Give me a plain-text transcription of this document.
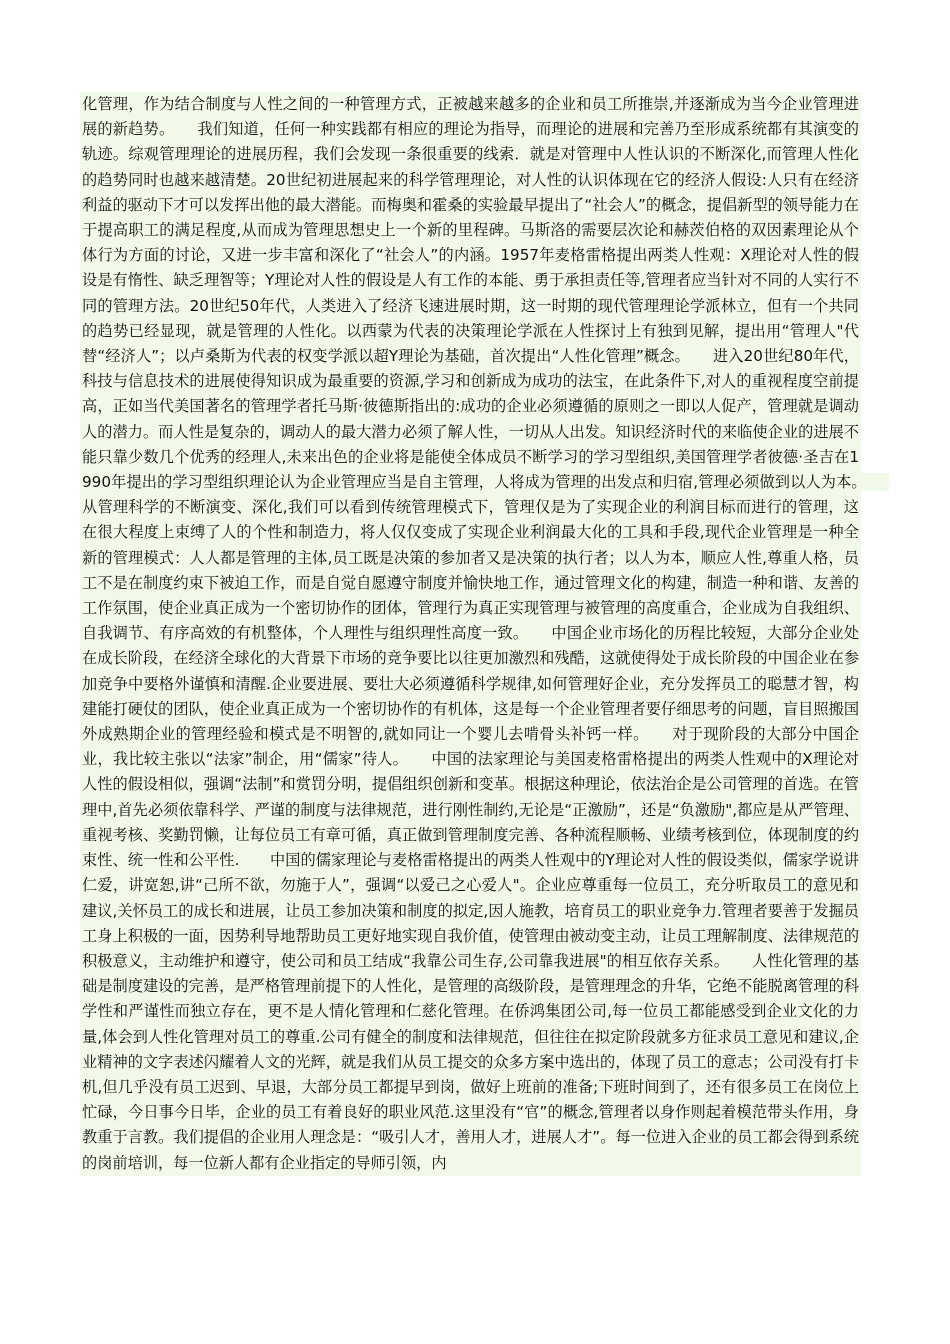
化管理，作为结合制度与人性之间的一种管理方式，正被越来越多的企业和员工所推崇,并逐渐成为当今企业管理进展的新趋势。　　我们知道，任何一种实践都有相应的理论为指导，而理论的进展和完善乃至形成系统都有其演变的轨迹。综观管理理论的进展历程，我们会发现一条很重要的线索．就是对管理中人性认识的不断深化,而管理人性化的趋势同时也越来越清楚。20世纪初进展起来的科学管理理论，对人性的认识体现在它的经济人假设:人只有在经济利益的驱动下才可以发挥出他的最大潜能。而梅奥和霍桑的实验最早提出了“社会人”的概念，提倡新型的领导能力在于提高职工的满足程度,从而成为管理思想史上一个新的里程碑。马斯洛的需要层次论和赫茨伯格的双因素理论从个体行为方面的讨论，又进一步丰富和深化了“社会人”的内涵。1957年麦格雷格提出两类人性观：X理论对人性的假设是有惰性、缺乏理智等；Y理论对人性的假设是人有工作的本能、勇于承担责任等,管理者应当针对不同的人实行不同的管理方法。20世纪50年代，人类进入了经济飞速进展时期，这一时期的现代管理理论学派林立，但有一个共同的趋势已经显现，就是管理的人性化。以西蒙为代表的决策理论学派在人性探讨上有独到见解，提出用“管理人"代替“经济人”；以卢桑斯为代表的权变学派以超Y理论为基础，首次提出“人性化管理”概念。　　进入20世纪80年代，科技与信息技术的进展使得知识成为最重要的资源,学习和创新成为成功的法宝，在此条件下,对人的重视程度空前提高，正如当代美国著名的管理学者托马斯·彼德斯指出的:成功的企业必须遵循的原则之一即以人促产，管理就是调动人的潜力。而人性是复杂的，调动人的最大潜力必须了解人性，一切从人出发。知识经济时代的来临使企业的进展不能只靠少数几个优秀的经理人,未来出色的企业将是能使全体成员不断学习的学习型组织,美国管理学者彼德·圣吉在1990年提出的学习型组织理论认为企业管理应当是自主管理，人将成为管理的出发点和归宿,管理必须做到以人为本。　　从管理科学的不断演变、深化,我们可以看到传统管理模式下，管理仅是为了实现企业的利润目标而进行的管理，这在很大程度上束缚了人的个性和制造力，将人仅仅变成了实现企业利润最大化的工具和手段,现代企业管理是一种全新的管理模式：人人都是管理的主体,员工既是决策的参加者又是决策的执行者；以人为本，顺应人性,尊重人格，员工不是在制度约束下被迫工作，而是自觉自愿遵守制度并愉快地工作，通过管理文化的构建，制造一种和谐、友善的工作氛围，使企业真正成为一个密切协作的团体，管理行为真正实现管理与被管理的高度重合，企业成为自我组织、自我调节、有序高效的有机整体，个人理性与组织理性高度一致。　　中国企业市场化的历程比较短，大部分企业处在成长阶段，在经济全球化的大背景下市场的竞争要比以往更加激烈和残酷，这就使得处于成长阶段的中国企业在参加竞争中要格外谨慎和清醒.企业要进展、要壮大必须遵循科学规律,如何管理好企业，充分发挥员工的聪慧才智，构建能打硬仗的团队，使企业真正成为一个密切协作的有机体，这是每一个企业管理者要仔细思考的问题，盲目照搬国外成熟期企业的管理经验和模式是不明智的,就如同让一个婴儿去啃骨头补钙一样。　　对于现阶段的大部分中国企业，我比较主张以“法家”制企，用“儒家”待人。　　中国的法家理论与美国麦格雷格提出的两类人性观中的X理论对人性的假设相似，强调“法制”和赏罚分明，提倡组织创新和变革。根据这种理论，依法治企是公司管理的首选。在管理中,首先必须依靠科学、严谨的制度与法律规范，进行刚性制约,无论是“正激励”，还是“负激励",都应是从严管理、重视考核、奖勤罚懒，让每位员工有章可循，真正做到管理制度完善、各种流程顺畅、业绩考核到位，体现制度的约束性、统一性和公平性.　　中国的儒家理论与麦格雷格提出的两类人性观中的Y理论对人性的假设类似，儒家学说讲仁爱，讲宽恕,讲“己所不欲，勿施于人”，强调“以爱己之心爱人"。企业应尊重每一位员工，充分听取员工的意见和建议,关怀员工的成长和进展，让员工参加决策和制度的拟定,因人施教，培育员工的职业竞争力.管理者要善于发掘员工身上积极的一面，因势利导地帮助员工更好地实现自我价值，使管理由被动变主动，让员工理解制度、法律规范的积极意义，主动维护和遵守，使公司和员工结成“我靠公司生存,公司靠我进展"的相互依存关系。　　人性化管理的基础是制度建设的完善，是严格管理前提下的人性化，是管理的高级阶段，是管理理念的升华，它绝不能脱离管理的科学性和严谨性而独立存在，更不是人情化管理和仁慈化管理。在侨鸿集团公司,每一位员工都能感受到企业文化的力量,体会到人性化管理对员工的尊重.公司有健全的制度和法律规范，但往往在拟定阶段就多方征求员工意见和建议,企业精神的文字表述闪耀着人文的光辉，就是我们从员工提交的众多方案中选出的，体现了员工的意志；公司没有打卡机,但几乎没有员工迟到、早退，大部分员工都提早到岗，做好上班前的准备;下班时间到了，还有很多员工在岗位上忙碌，今日事今日毕，企业的员工有着良好的职业风范.这里没有“官”的概念,管理者以身作则起着模范带头作用，身教重于言教。我们提倡的企业用人理念是：“吸引人才，善用人才，进展人才”。每一位进入企业的员工都会得到系统的岗前培训，每一位新人都有企业指定的导师引领，内
